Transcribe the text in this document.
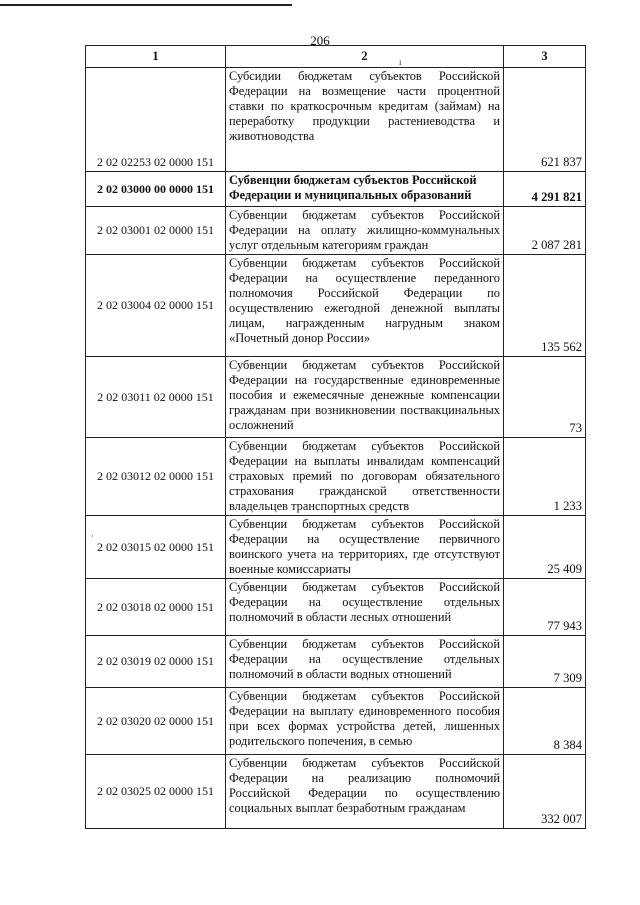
206
1	2	3
2 02 02253 02 0000 151	Субсидии бюджетам субъектов Российской Федерации на возмещение части процентной ставки по краткосрочным кредитам (займам) на переработку продукции растениеводства и животноводства	621 837
2 02 03000 00 0000 151	Субвенции бюджетам субъектов Российской Федерации и муниципальных образований	4 291 821
2 02 03001 02 0000 151	Субвенции бюджетам субъектов Российской Федерации на оплату жилищно-коммунальных услуг отдельным категориям граждан	2 087 281
2 02 03004 02 0000 151	Субвенции бюджетам субъектов Российской Федерации на осуществление переданного полномочия Российской Федерации по осуществлению ежегодной денежной выплаты лицам, награжденным нагрудным знаком «Почетный донор России»	135 562
2 02 03011 02 0000 151	Субвенции бюджетам субъектов Российской Федерации на государственные единовременные пособия и ежемесячные денежные компенсации гражданам при возникновении поствакцинальных осложнений	73
2 02 03012 02 0000 151	Субвенции бюджетам субъектов Российской Федерации на выплаты инвалидам компенсаций страховых премий по договорам обязательного страхования гражданской ответственности владельцев транспортных средств	1 233
2 02 03015 02 0000 151	Субвенции бюджетам субъектов Российской Федерации на осуществление первичного воинского учета на территориях, где отсутствуют военные комиссариаты	25 409
2 02 03018 02 0000 151	Субвенции бюджетам субъектов Российской Федерации на осуществление отдельных полномочий в области лесных отношений	77 943
2 02 03019 02 0000 151	Субвенции бюджетам субъектов Российской Федерации на осуществление отдельных полномочий в области водных отношений	7 309
2 02 03020 02 0000 151	Субвенции бюджетам субъектов Российской Федерации на выплату единовременного пособия при всех формах устройства детей, лишенных родительского попечения, в семью	8 384
2 02 03025 02 0000 151	Субвенции бюджетам субъектов Российской Федерации на реализацию полномочий Российской Федерации по осуществлению социальных выплат безработным гражданам	332 007
ı
·
